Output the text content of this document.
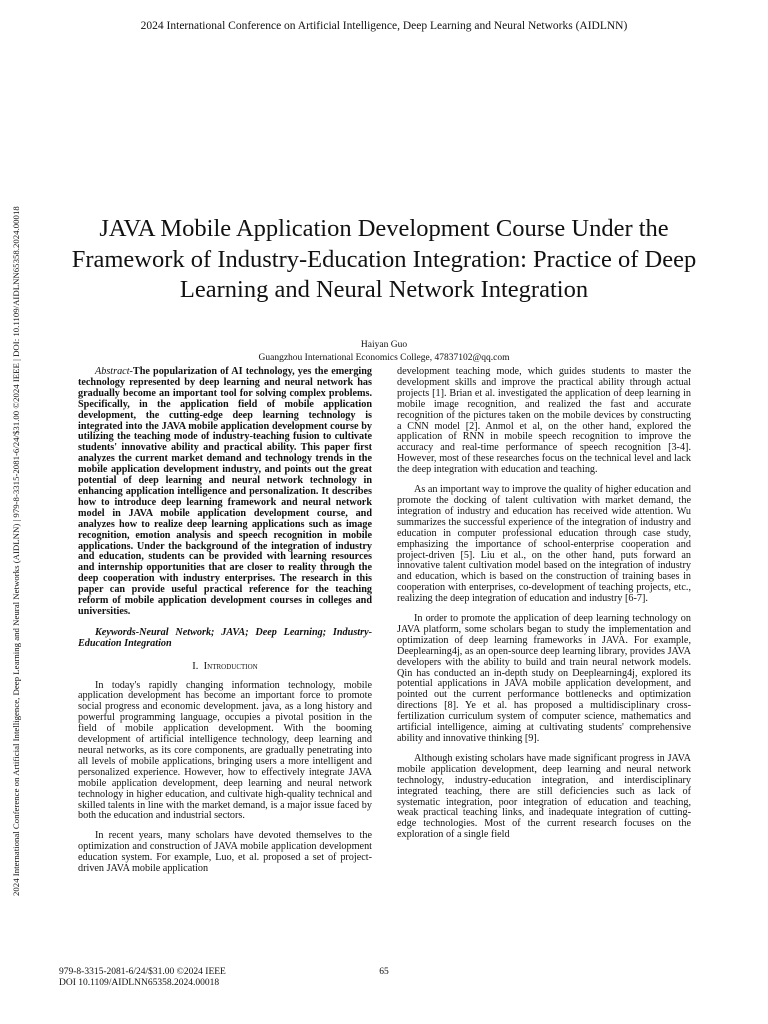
2024 International Conference on Artificial Intelligence, Deep Learning and Neural Networks (AIDLNN)
2024 International Conference on Artificial Intelligence, Deep Learning and Neural Networks (AIDLNN) | 979-8-3315-2081-6/24/$31.00 ©2024 IEEE | DOI: 10.1109/AIDLNN65358.2024.00018	JAVA Mobile Application Development Course Under the Framework of Industry-Education Integration: Practice of Deep Learning and Neural Network Integration
Haiyan Guo
Guangzhou International Economics College, 47837102@qq.com

Abstract-The popularization of AI technology, yes the emerging technology represented by deep learning and neural network has gradually become an important tool for solving complex problems. Specifically, in the application field of mobile application development, the cutting-edge deep learning technology is integrated into the JAVA mobile application development course by utilizing the teaching mode of industry-teaching fusion to cultivate students' innovative ability and practical ability. This paper first analyzes the current market demand and technology trends in the mobile application development industry, and points out the great potential of deep learning and neural network technology in enhancing application intelligence and personalization. It describes how to introduce deep learning framework and neural network model in JAVA mobile application development course, and analyzes how to realize deep learning applications such as image recognition, emotion analysis and speech recognition in mobile applications. Under the background of the integration of industry and education, students can be provided with learning resources and internship opportunities that are closer to reality through the deep cooperation with industry enterprises. The research in this paper can provide useful practical reference for the teaching reform of mobile application development courses in colleges and universities.

Keywords-Neural Network; JAVA; Deep Learning; Industry-Education Integration

I. Introduction

In today's rapidly changing information technology, mobile application development has become an important force to promote social progress and economic development. java, as a long history and powerful programming language, occupies a pivotal position in the field of mobile application development. With the booming development of artificial intelligence technology, deep learning and neural networks, as its core components, are gradually penetrating into all levels of mobile applications, bringing users a more intelligent and personalized experience. However, how to effectively integrate JAVA mobile application development, deep learning and neural network technology in higher education, and cultivate high-quality technical and skilled talents in line with the market demand, is a major issue faced by both the education and industrial sectors.

In recent years, many scholars have devoted themselves to the optimization and construction of JAVA mobile application development education system. For example, Luo, et al. proposed a set of project-driven JAVA mobile application

development teaching mode, which guides students to master the development skills and improve the practical ability through actual projects [1]. Brian et al. investigated the application of deep learning in mobile image recognition, and realized the fast and accurate recognition of the pictures taken on the mobile devices by constructing a CNN model [2]. Anmol et al, on the other hand, explored the application of RNN in mobile speech recognition to improve the accuracy and real-time performance of speech recognition [3-4]. However, most of these researches focus on the technical level and lack the deep integration with education and teaching.

As an important way to improve the quality of higher education and promote the docking of talent cultivation with market demand, the integration of industry and education has received wide attention. Wu summarizes the successful experience of the integration of industry and education in computer professional education through case study, emphasizing the importance of school-enterprise cooperation and project-driven [5]. Liu et al., on the other hand, puts forward an innovative talent cultivation model based on the integration of industry and education, which is based on the construction of training bases in cooperation with enterprises, co-development of teaching projects, etc., realizing the deep integration of education and industry [6-7].

In order to promote the application of deep learning technology on JAVA platform, some scholars began to study the implementation and optimization of deep learning frameworks in JAVA. For example, Deeplearning4j, as an open-source deep learning library, provides JAVA developers with the ability to build and train neural network models. Qin has conducted an in-depth study on Deeplearning4j, explored its potential applications in JAVA mobile application development, and pointed out the current performance bottlenecks and optimization directions [8]. Ye et al. has proposed a multidisciplinary cross-fertilization curriculum system of computer science, mathematics and artificial intelligence, aiming at cultivating students' comprehensive ability and innovative thinking [9].

Although existing scholars have made significant progress in JAVA mobile application development, deep learning and neural network technology, industry-education integration, and interdisciplinary integrated teaching, there are still deficiencies such as lack of systematic integration, poor integration of education and teaching, weak practical teaching links, and inadequate integration of cutting-edge technologies. Most of the current research focuses on the exploration of a single field

979-8-3315-2081-6/24/$31.00 ©2024 IEEE
DOI 10.1109/AIDLNN65358.2024.00018
65
